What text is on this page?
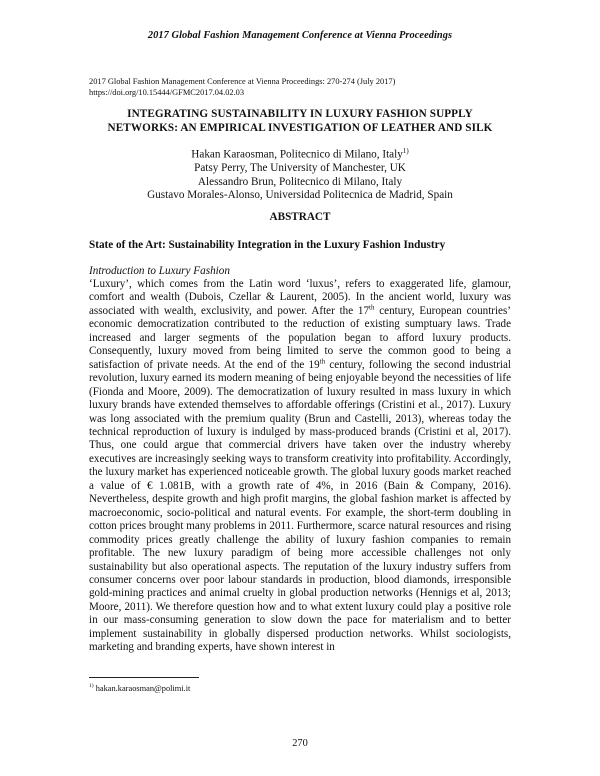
2017 Global Fashion Management Conference at Vienna Proceedings
2017 Global Fashion Management Conference at Vienna Proceedings: 270-274 (July 2017)
https://doi.org/10.15444/GFMC2017.04.02.03
INTEGRATING SUSTAINABILITY IN LUXURY FASHION SUPPLY
NETWORKS: AN EMPIRICAL INVESTIGATION OF LEATHER AND SILK
Hakan Karaosman, Politecnico di Milano, Italy$^{1)}$
Patsy Perry, The University of Manchester, UK
Alessandro Brun, Politecnico di Milano, Italy
Gustavo Morales-Alonso, Universidad Politecnica de Madrid, Spain
ABSTRACT
State of the Art: Sustainability Integration in the Luxury Fashion Industry
Introduction to Luxury Fashion
‘Luxury’, which comes from the Latin word ‘luxus’, refers to exaggerated life, glamour, comfort and wealth (Dubois, Czellar & Laurent, 2005). In the ancient world, luxury was associated with wealth, exclusivity, and power. After the 17th century, European countries’ economic democratization contributed to the reduction of existing sumptuary laws. Trade increased and larger segments of the population began to afford luxury products. Consequently, luxury moved from being limited to serve the common good to being a satisfaction of private needs. At the end of the 19th century, following the second industrial revolution, luxury earned its modern meaning of being enjoyable beyond the necessities of life (Fionda and Moore, 2009). The democratization of luxury resulted in mass luxury in which luxury brands have extended themselves to affordable offerings (Cristini et al., 2017). Luxury was long associated with the premium quality (Brun and Castelli, 2013), whereas today the technical reproduction of luxury is indulged by mass-produced brands (Cristini et al, 2017). Thus, one could argue that commercial drivers have taken over the industry whereby executives are increasingly seeking ways to transform creativity into profitability. Accordingly, the luxury market has experienced noticeable growth. The global luxury goods market reached a value of € 1.081B, with a growth rate of 4%, in 2016 (Bain & Company, 2016). Nevertheless, despite growth and high profit margins, the global fashion market is affected by macroeconomic, socio-political and natural events. For example, the short-term doubling in cotton prices brought many problems in 2011. Furthermore, scarce natural resources and rising commodity prices greatly challenge the ability of luxury fashion companies to remain profitable. The new luxury paradigm of being more accessible challenges not only sustainability but also operational aspects. The reputation of the luxury industry suffers from consumer concerns over poor labour standards in production, blood diamonds, irresponsible gold-mining practices and animal cruelty in global production networks (Hennigs et al, 2013; Moore, 2011). We therefore question how and to what extent luxury could play a positive role in our mass-consuming generation to slow down the pace for materialism and to better implement sustainability in globally dispersed production networks. Whilst sociologists, marketing and branding experts, have shown interest in
$^{1)}$ hakan.karaosman@polimi.it
270
